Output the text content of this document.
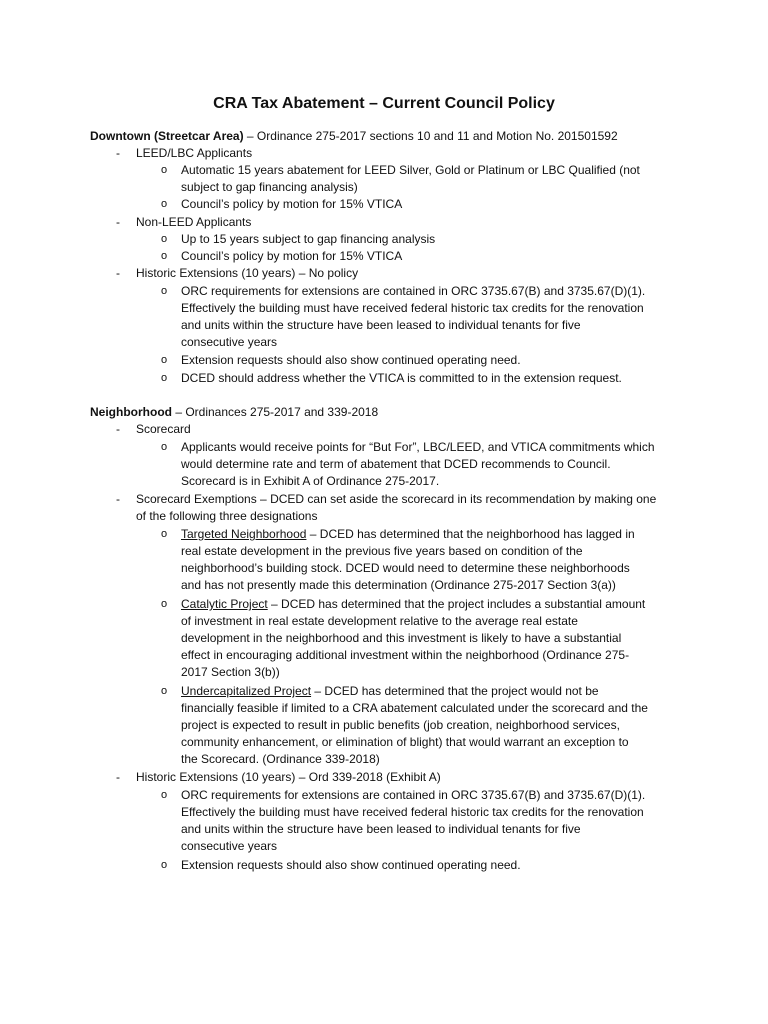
CRA Tax Abatement – Current Council Policy
Downtown (Streetcar Area) – Ordinance 275-2017 sections 10 and 11 and Motion No. 201501592
- LEED/LBC Applicants
o Automatic 15 years abatement for LEED Silver, Gold or Platinum or LBC Qualified (not
subject to gap financing analysis)
o Council’s policy by motion for 15% VTICA
- Non-LEED Applicants
o Up to 15 years subject to gap financing analysis
o Council’s policy by motion for 15% VTICA
- Historic Extensions (10 years) – No policy
o ORC requirements for extensions are contained in ORC 3735.67(B) and 3735.67(D)(1).
Effectively the building must have received federal historic tax credits for the renovation
and units within the structure have been leased to individual tenants for five
consecutive years
o Extension requests should also show continued operating need.
o DCED should address whether the VTICA is committed to in the extension request.
Neighborhood – Ordinances 275-2017 and 339-2018
- Scorecard
o Applicants would receive points for “But For”, LBC/LEED, and VTICA commitments which
would determine rate and term of abatement that DCED recommends to Council.
Scorecard is in Exhibit A of Ordinance 275-2017.
- Scorecard Exemptions – DCED can set aside the scorecard in its recommendation by making one
of the following three designations
o Targeted Neighborhood – DCED has determined that the neighborhood has lagged in
real estate development in the previous five years based on condition of the
neighborhood’s building stock. DCED would need to determine these neighborhoods
and has not presently made this determination (Ordinance 275-2017 Section 3(a))
o Catalytic Project – DCED has determined that the project includes a substantial amount
of investment in real estate development relative to the average real estate
development in the neighborhood and this investment is likely to have a substantial
effect in encouraging additional investment within the neighborhood (Ordinance 275-
2017 Section 3(b))
o Undercapitalized Project – DCED has determined that the project would not be
financially feasible if limited to a CRA abatement calculated under the scorecard and the
project is expected to result in public benefits (job creation, neighborhood services,
community enhancement, or elimination of blight) that would warrant an exception to
the Scorecard. (Ordinance 339-2018)
- Historic Extensions (10 years) – Ord 339-2018 (Exhibit A)
o ORC requirements for extensions are contained in ORC 3735.67(B) and 3735.67(D)(1).
Effectively the building must have received federal historic tax credits for the renovation
and units within the structure have been leased to individual tenants for five
consecutive years
o Extension requests should also show continued operating need.
